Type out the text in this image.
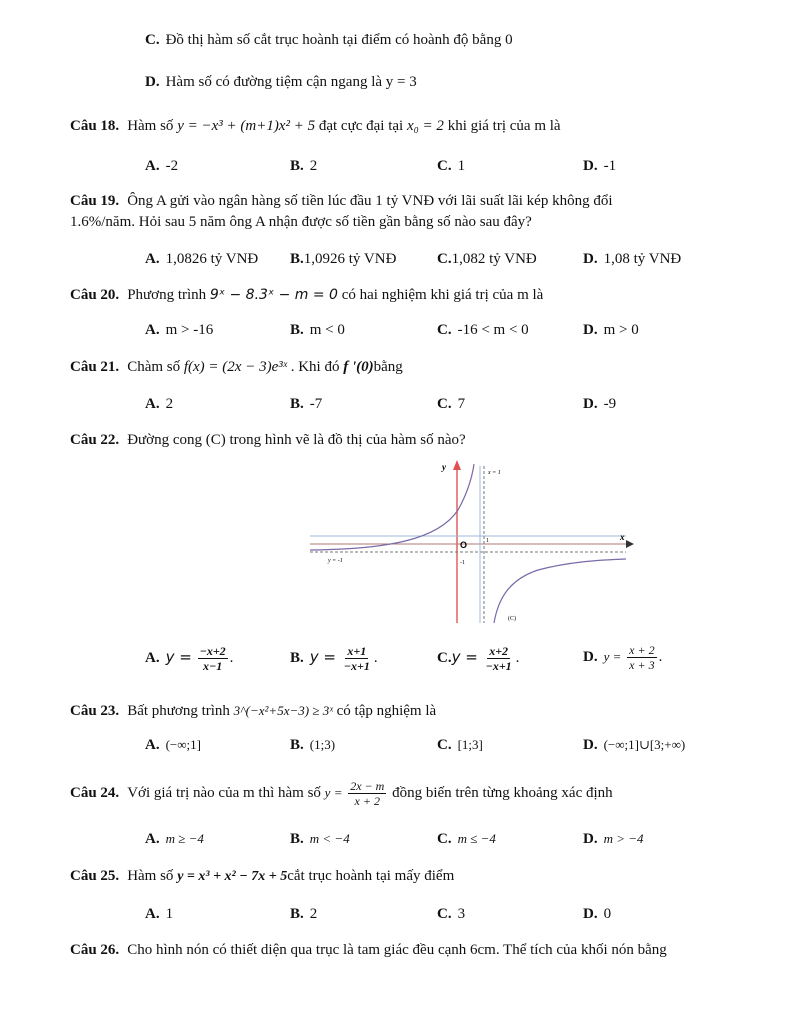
C. Đồ thị hàm số cắt trục hoành tại điểm có hoành độ bằng 0
D. Hàm số có đường tiệm cận ngang là y = 3
Câu 18. Hàm số y = −x³ + (m+1)x² + 5 đạt cực đại tại x₀ = 2 khi giá trị của m là
A. -2	B. 2	C. 1	D. -1
Câu 19. Ông A gửi vào ngân hàng số tiền lúc đầu 1 tỷ VNĐ với lãi suất lãi kép không đổi
1.6%/năm. Hỏi sau 5 năm ông A nhận được số tiền gần bằng số nào sau đây?
A. 1,0826 tỷ VNĐ B.1,0926 tỷ VNĐ	C.1,082 tỷ VNĐ	D. 1,08 tỷ VNĐ
Câu 20. Phương trình 9ˣ − 8.3ˣ − m = 0 có hai nghiệm khi giá trị của m là
A. m > -16	B. m < 0	C. -16 < m < 0	D. m > 0
Câu 21. Chàm số f(x) = (2x − 3)e³ˣ . Khi đó f '(0)bằng
A. 2	B. -7	C. 7	D. -9
Câu 22. Đường cong (C) trong hình vẽ là đồ thị của hàm số nào?
y
x
O
x = 1
y = -1
1
-1
(C)
A. $y = \frac{-x+2}{x-1}$ .	B. $y = \frac{x+1}{-x+1}$ .	$C.y = \frac{x+2}{-x+1}$ .	D. $y = \frac{x + 2}{x + 3}$ .
Câu 23. Bất phương trình 3^(−x²+5x−3) ≥ 3ˣ có tập nghiệm là
A. (−∞;1]	B. (1;3)	C. [1;3]	D. (−∞;1]∪[3;+∞)
Câu 24. Với giá trị nào của m thì hàm số $y = \frac{2x - m}{x + 2}$ đồng biến trên từng khoảng xác định
A. m ≥ −4	B. m < −4	C. m ≤ −4	D. m > −4
Câu 25. Hàm số y = x³ + x² − 7x + 5cắt trục hoành tại mấy điểm
A. 1	B. 2	C. 3	D. 0
Câu 26. Cho hình nón có thiết diện qua trục là tam giác đều cạnh 6cm. Thể tích của khối nón bằng
